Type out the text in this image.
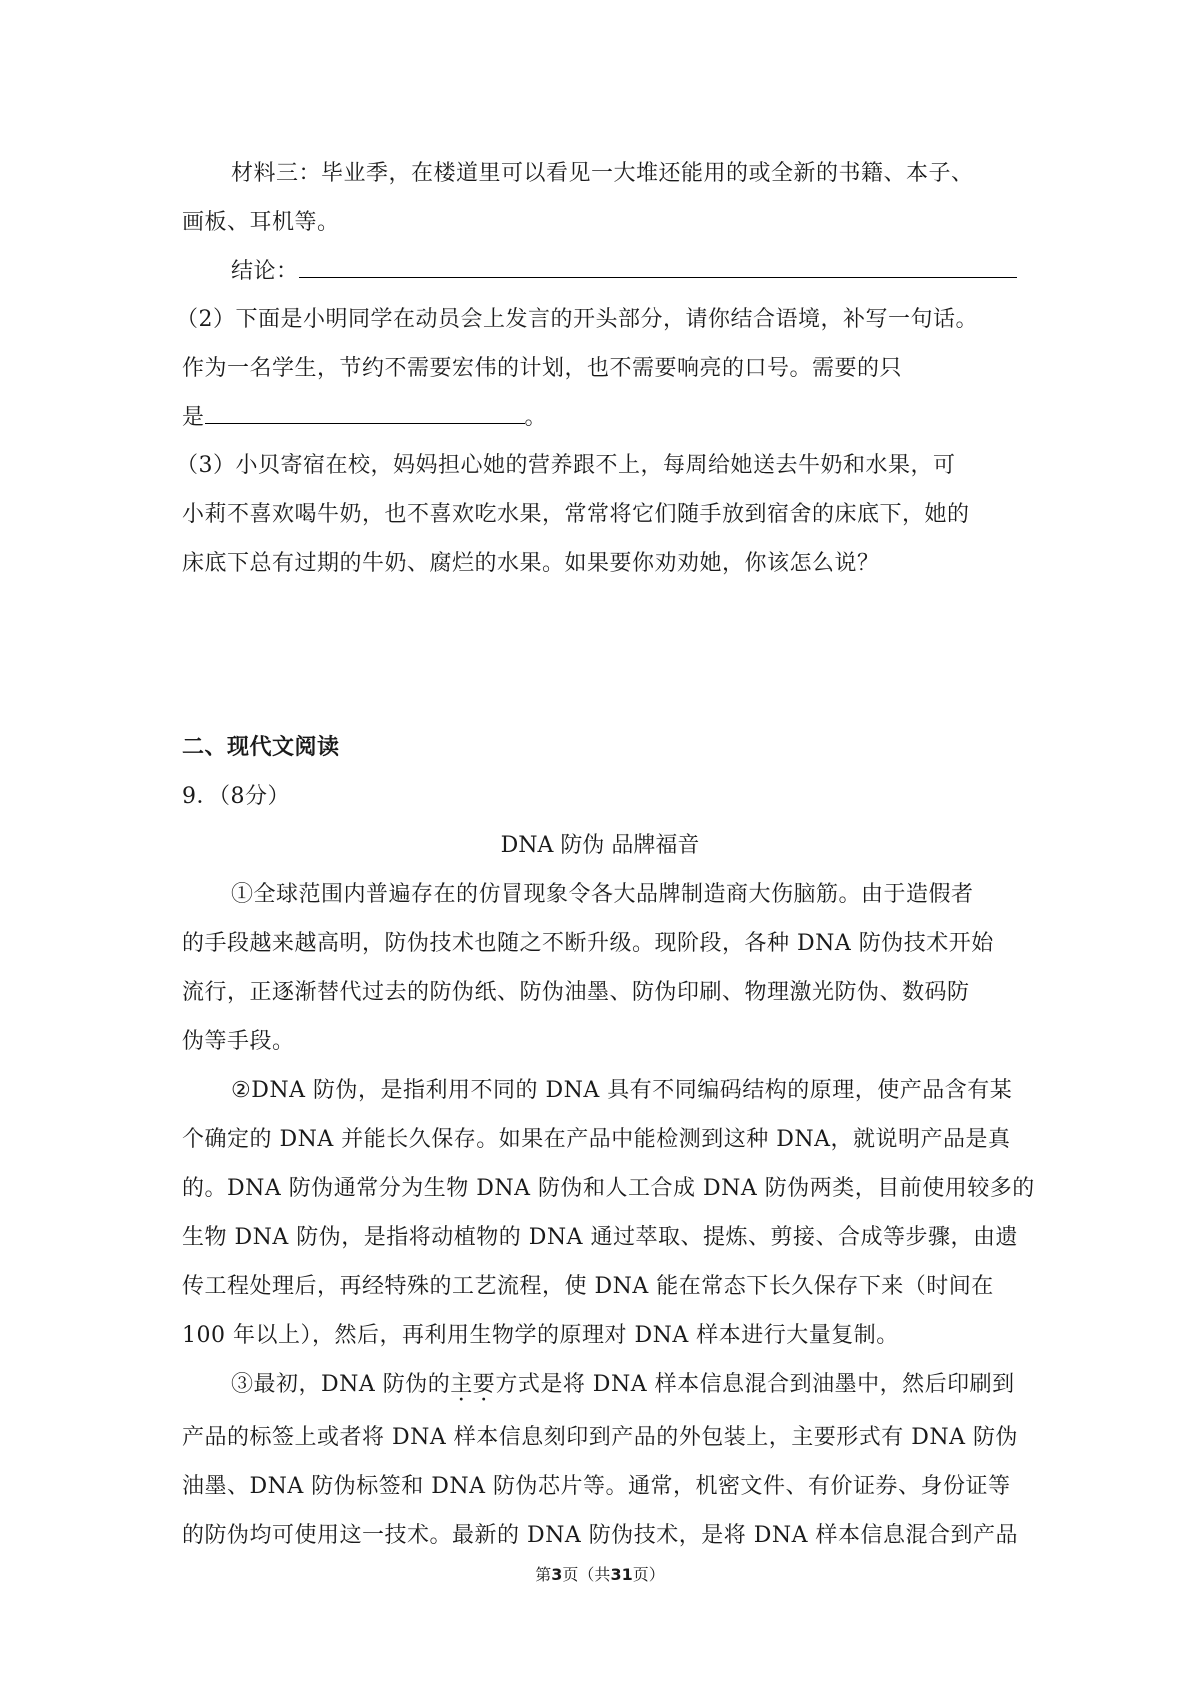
材料三：毕业季，在楼道里可以看见一大堆还能用的或全新的书籍、本子、
画板、耳机等。
结论：
（2）下面是小明同学在动员会上发言的开头部分，请你结合语境，补写一句话。
作为一名学生，节约不需要宏伟的计划，也不需要响亮的口号。需要的只
是	。
（3）小贝寄宿在校，妈妈担心她的营养跟不上，每周给她送去牛奶和水果，可
小莉不喜欢喝牛奶，也不喜欢吃水果，常常将它们随手放到宿舍的床底下，她的
床底下总有过期的牛奶、腐烂的水果。如果要你劝劝她，你该怎么说？
二、现代文阅读
9．（8分）
DNA 防伪 品牌福音
①全球范围内普遍存在的仿冒现象令各大品牌制造商大伤脑筋。由于造假者
的手段越来越高明，防伪技术也随之不断升级。现阶段，各种 DNA 防伪技术开始
流行，正逐渐替代过去的防伪纸、防伪油墨、防伪印刷、物理激光防伪、数码防
伪等手段。
②DNA 防伪，是指利用不同的 DNA 具有不同编码结构的原理，使产品含有某
个确定的 DNA 并能长久保存。如果在产品中能检测到这种 DNA，就说明产品是真
的。DNA 防伪通常分为生物 DNA 防伪和人工合成 DNA 防伪两类，目前使用较多的
生物 DNA 防伪，是指将动植物的 DNA 通过萃取、提炼、剪接、合成等步骤，由遗
传工程处理后，再经特殊的工艺流程，使 DNA 能在常态下长久保存下来（时间在
100 年以上），然后，再利用生物学的原理对 DNA 样本进行大量复制。
③最初，DNA 防伪的主要方式是将 DNA 样本信息混合到油墨中，然后印刷到
产品的标签上或者将 DNA 样本信息刻印到产品的外包装上，主要形式有 DNA 防伪
油墨、DNA 防伪标签和 DNA 防伪芯片等。通常，机密文件、有价证券、身份证等
的防伪均可使用这一技术。最新的 DNA 防伪技术，是将 DNA 样本信息混合到产品
第3页（共31页）
